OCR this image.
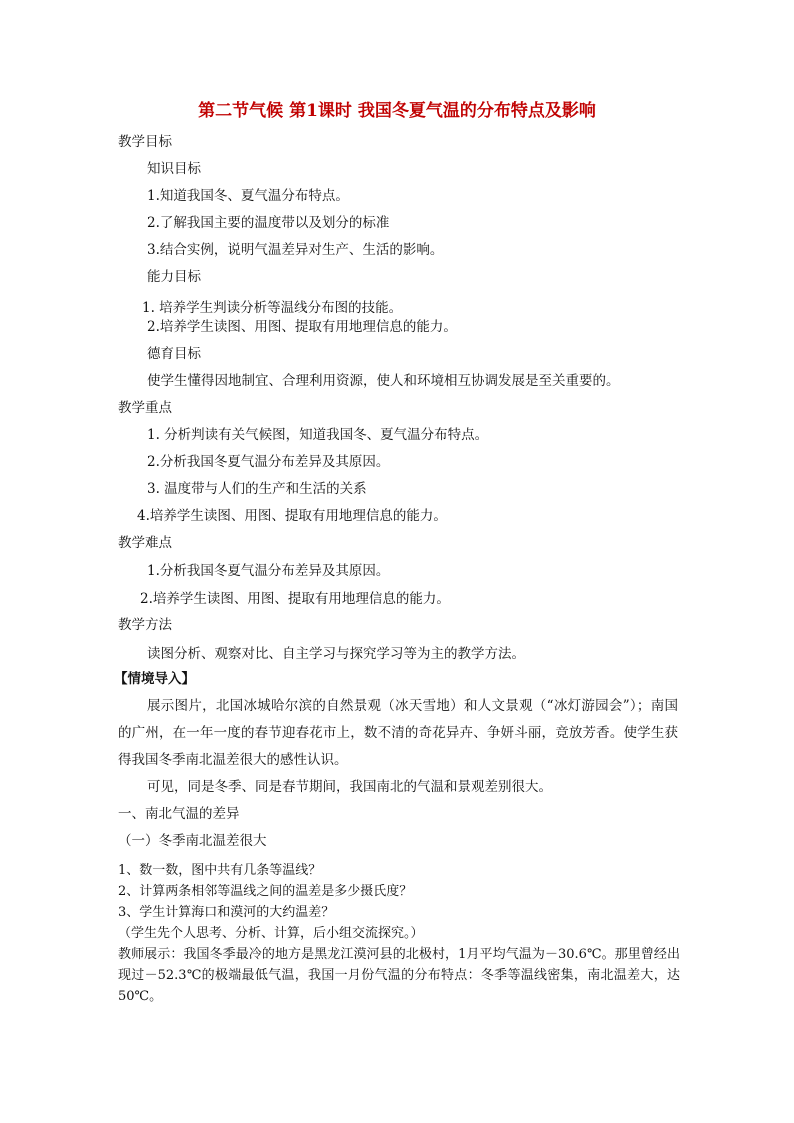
第二节气候 第1课时 我国冬夏气温的分布特点及影响
教学目标
知识目标
1.知道我国冬、夏气温分布特点。
2.了解我国主要的温度带以及划分的标准
3.结合实例，说明气温差异对生产、生活的影响。
能力目标
1. 培养学生判读分析等温线分布图的技能。
2.培养学生读图、用图、提取有用地理信息的能力。
德育目标
使学生懂得因地制宜、合理利用资源，使人和环境相互协调发展是至关重要的。
教学重点
1. 分析判读有关气候图，知道我国冬、夏气温分布特点。
2.分析我国冬夏气温分布差异及其原因。
3. 温度带与人们的生产和生活的关系
4.培养学生读图、用图、提取有用地理信息的能力。
教学难点
1.分析我国冬夏气温分布差异及其原因。
2.培养学生读图、用图、提取有用地理信息的能力。
教学方法
读图分析、观察对比、自主学习与探究学习等为主的教学方法。
【情境导入】
展示图片，北国冰城哈尔滨的自然景观（冰天雪地）和人文景观（“冰灯游园会”）；南国的广州，在一年一度的春节迎春花市上，数不清的奇花异卉、争妍斗丽，竞放芳香。使学生获得我国冬季南北温差很大的感性认识。
可见，同是冬季、同是春节期间，我国南北的气温和景观差别很大。
一、南北气温的差异
（一）冬季南北温差很大
1、数一数，图中共有几条等温线？
2、计算两条相邻等温线之间的温差是多少摄氏度？
3、学生计算海口和漠河的大约温差？
（学生先个人思考、分析、计算，后小组交流探究。）
教师展示：我国冬季最冷的地方是黑龙江漠河县的北极村，1月平均气温为－30.6℃。那里曾经出现过－52.3℃的极端最低气温，我国一月份气温的分布特点：冬季等温线密集，南北温差大，达50℃。
